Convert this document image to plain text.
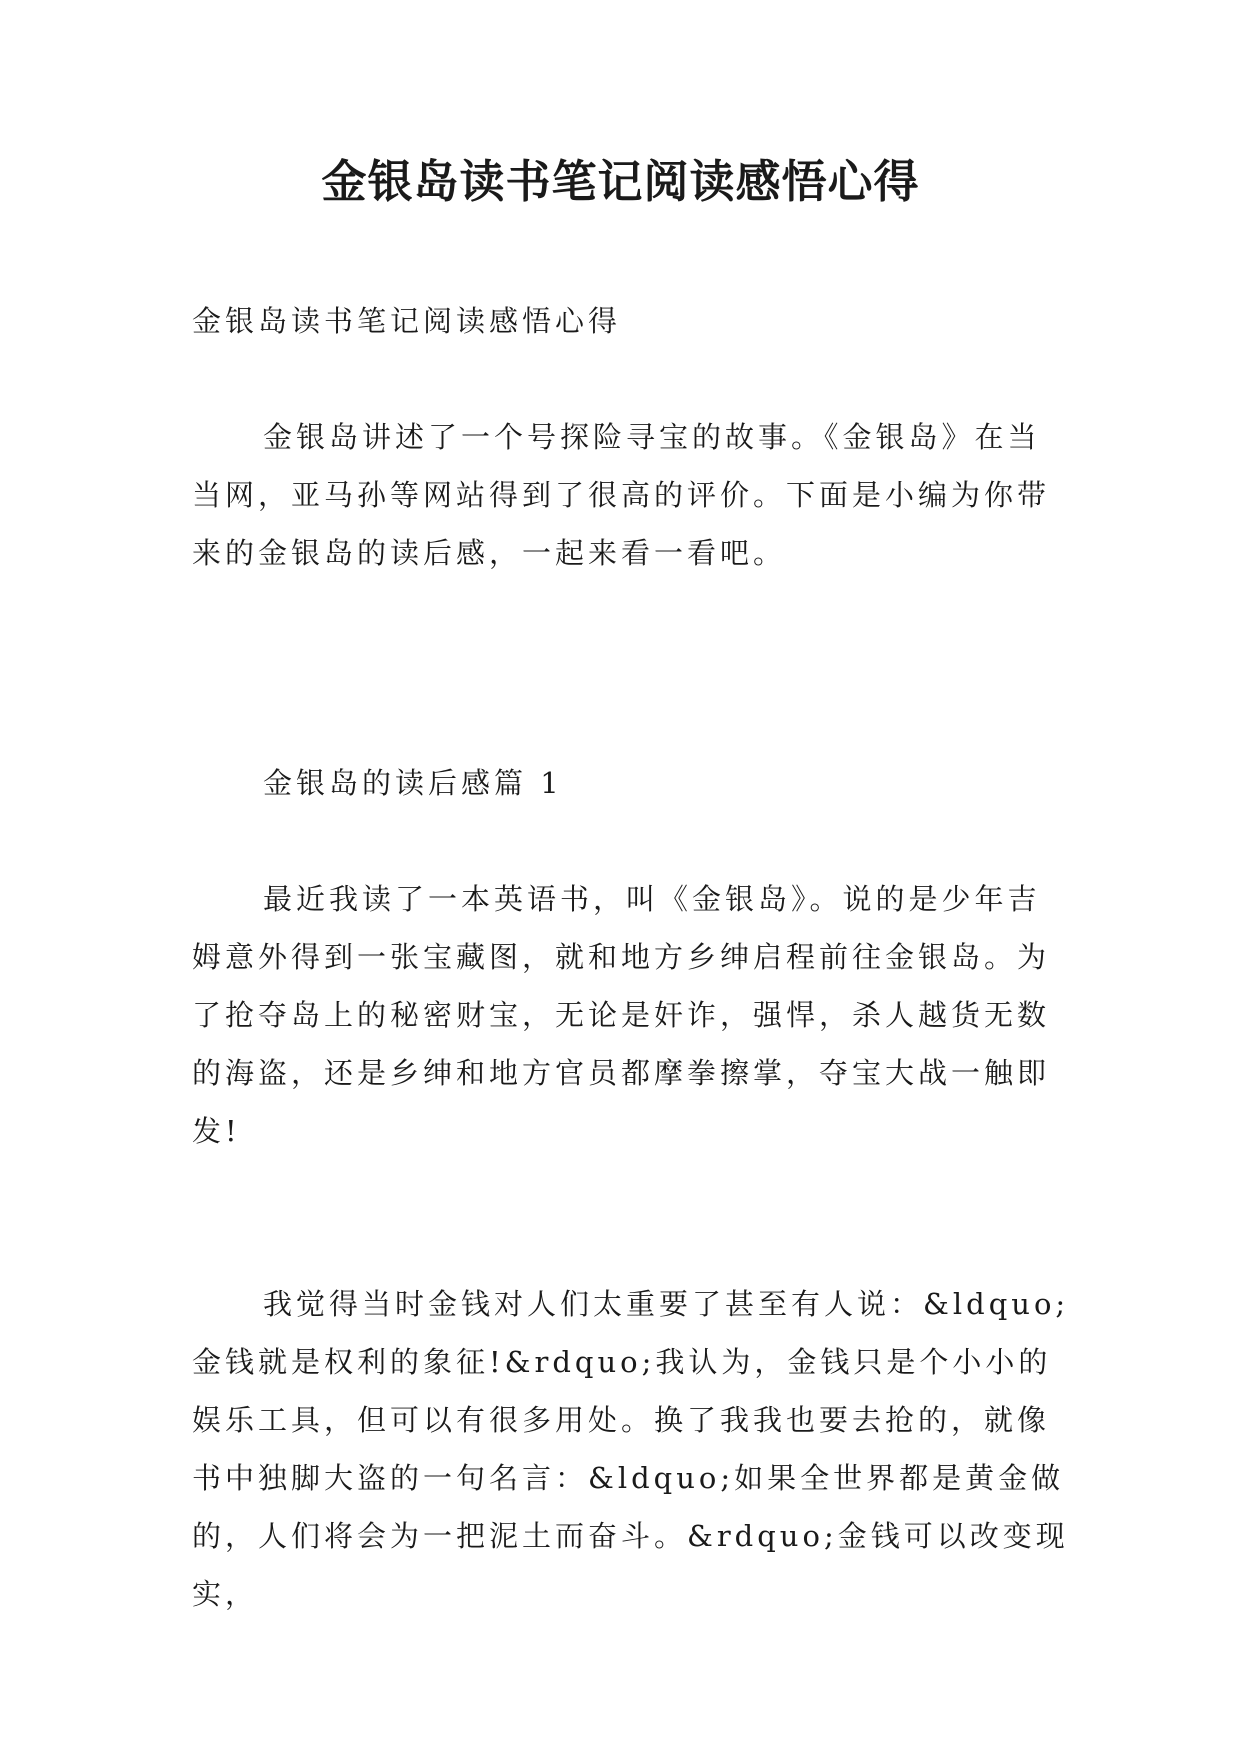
金银岛读书笔记阅读感悟心得

金银岛读书笔记阅读感悟心得

金银岛讲述了一个号探险寻宝的故事。《金银岛》在当当网，亚马孙等网站得到了很高的评价。下面是小编为你带来的金银岛的读后感，一起来看一看吧。

金银岛的读后感篇 1

最近我读了一本英语书，叫《金银岛》。说的是少年吉姆意外得到一张宝藏图，就和地方乡绅启程前往金银岛。为了抢夺岛上的秘密财宝，无论是奸诈，强悍，杀人越货无数的海盗，还是乡绅和地方官员都摩拳擦掌，夺宝大战一触即发!

我觉得当时金钱对人们太重要了甚至有人说：&ldquo;金钱就是权利的象征!&rdquo;我认为，金钱只是个小小的娱乐工具，但可以有很多用处。换了我我也要去抢的，就像书中独脚大盗的一句名言：&ldquo;如果全世界都是黄金做的，人们将会为一把泥土而奋斗。&rdquo;金钱可以改变现实，
